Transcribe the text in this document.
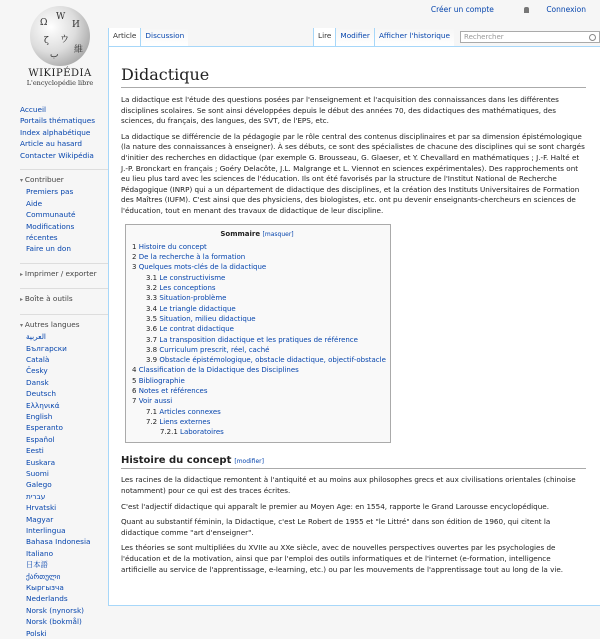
Créer un compte	Connexion
Ω
W
И
ζ ウ
維
ب
WIKIPÉDIA
L'encyclopédie libre
Accueil
Portails thématiques
Index alphabétique
Article au hasard
Contacter Wikipédia
▾ Contribuer
Premiers pas
Aide
Communauté
Modifications récentes
Faire un don
▸ Imprimer / exporter
▸ Boîte à outils
▾ Autres langues
العربية
Български
Català
Česky
Dansk
Deutsch
Ελληνικά
English
Esperanto
Español
Eesti
Euskara
Suomi
Galego
עברית
Hrvatski
Magyar
Interlingua
Bahasa Indonesia
Italiano
日本語
ქართული
Кыргызча
Nederlands
Norsk (nynorsk)
Norsk (bokmål)
Polski
Article	Discussion	Lire	Modifier	Afficher l'historique	Rechercher
Didactique

La didactique est l'étude des questions posées par l'enseignement et l'acquisition des connaissances dans les différentes disciplines scolaires. Se sont ainsi développées depuis le début des années 70, des didactiques des mathématiques, des sciences, du français, des langues, des SVT, de l'EPS, etc.

La didactique se différencie de la pédagogie par le rôle central des contenus disciplinaires et par sa dimension épistémologique (la nature des connaissances à enseigner). À ses débuts, ce sont des spécialistes de chacune des disciplines qui se sont chargés d'initier des recherches en didactique (par exemple G. Brousseau, G. Glaeser, et Y. Chevallard en mathématiques ; J.-F. Halté et J.-P. Bronckart en français ; Goéry Delacôte, J.L. Malgrange et L. Viennot en sciences expérimentales). Des rapprochements ont eu lieu plus tard avec les sciences de l'éducation. Ils ont été favorisés par la structure de l'Institut National de Recherche Pédagogique (INRP) qui a un département de didactique des disciplines, et la création des Instituts Universitaires de Formation des Maîtres (IUFM). C'est ainsi que des physiciens, des biologistes, etc. ont pu devenir enseignants-chercheurs en sciences de l'éducation, tout en menant des travaux de didactique de leur discipline.

Sommaire [masquer]
1 Histoire du concept
2 De la recherche à la formation
3 Quelques mots-clés de la didactique
3.1 Le constructivisme
3.2 Les conceptions
3.3 Situation-problème
3.4 Le triangle didactique
3.5 Situation, milieu didactique
3.6 Le contrat didactique
3.7 La transposition didactique et les pratiques de référence
3.8 Curriculum prescrit, réel, caché
3.9 Obstacle épistémologique, obstacle didactique, objectif-obstacle
4 Classification de la Didactique des Disciplines
5 Bibliographie
6 Notes et références
7 Voir aussi
7.1 Articles connexes
7.2 Liens externes
7.2.1 Laboratoires
Histoire du concept [modifier]

Les racines de la didactique remontent à l'antiquité et au moins aux philosophes grecs et aux civilisations orientales (chinoise notamment) pour ce qui est des traces écrites.

C'est l'adjectif didactique qui apparaît le premier au Moyen Age: en 1554, rapporte le Grand Larousse encyclopédique.

Quant au substantif féminin, la Didactique, c'est Le Robert de 1955 et "le Littré" dans son édition de 1960, qui citent la didactique comme "art d'enseigner".

Les théories se sont multipliées du XVIIe au XXe siècle, avec de nouvelles perspectives ouvertes par les psychologies de l'éducation et de la motivation, ainsi que par l'emploi des outils informatiques et de l'internet (e-formation, intelligence artificielle au service de l'apprentissage, e-learning, etc.) ou par les mouvements de l'apprentissage tout au long de la vie.
